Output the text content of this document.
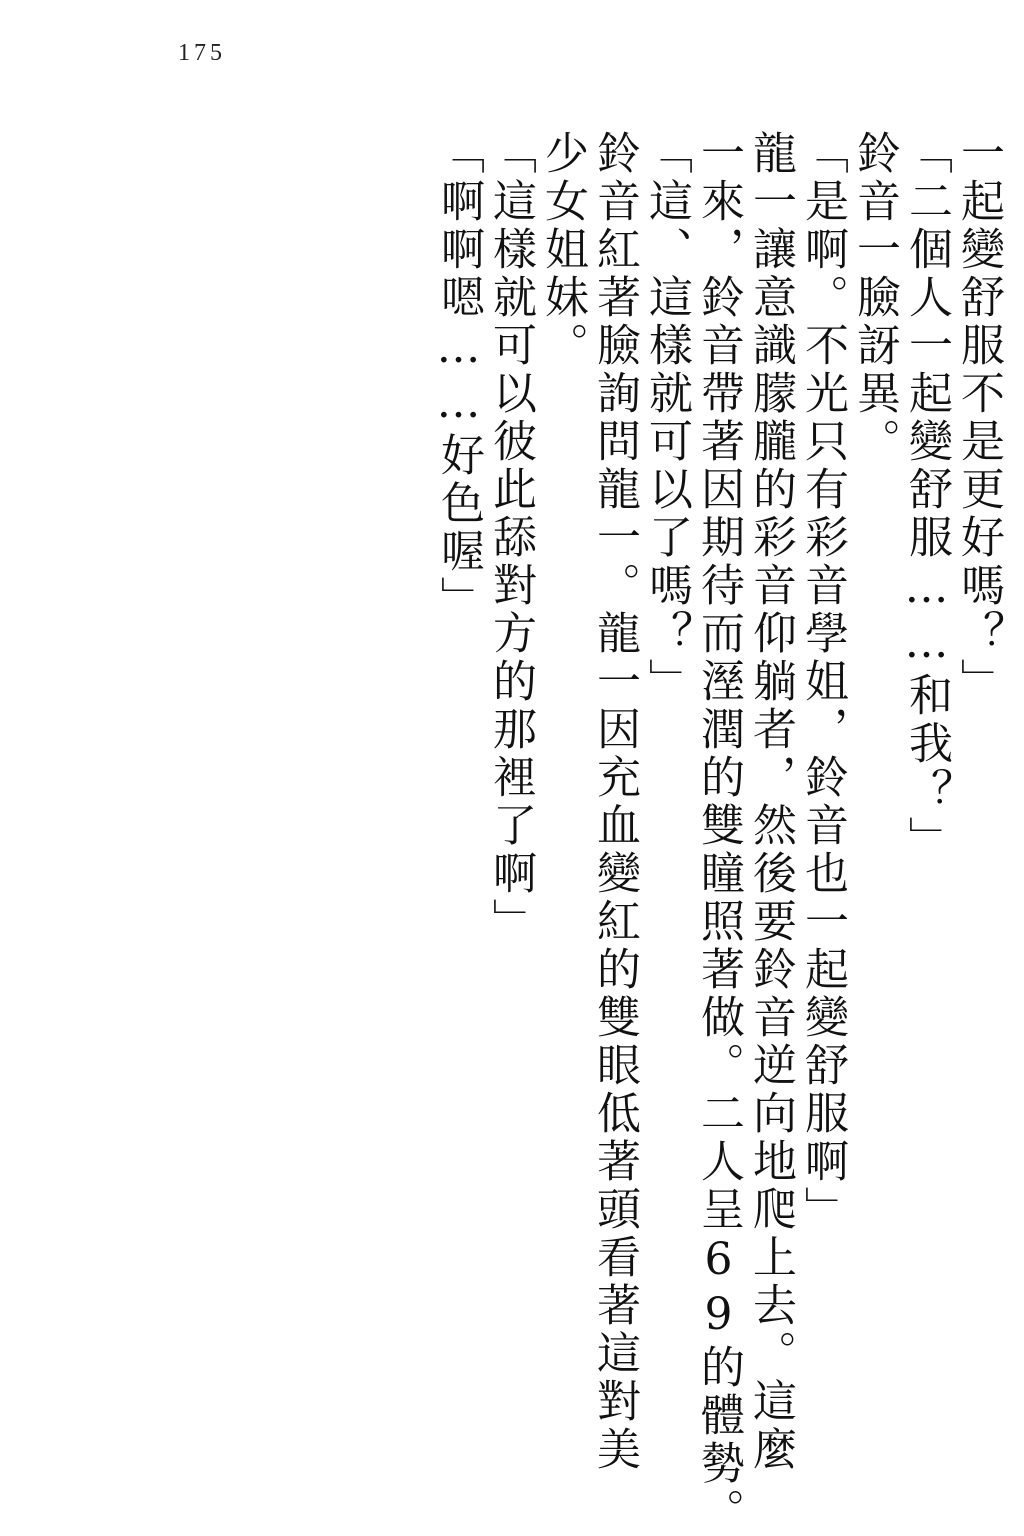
175
一起變舒服不是更好嗎？」
「二個人一起變舒服……和我？」
鈴音一臉訝異。
「是啊。不光只有彩音學姐，鈴音也一起變舒服啊」
龍一讓意識朦朧的彩音仰躺者，然後要鈴音逆向地爬上去。這麼
一來，鈴音帶著因期待而溼潤的雙瞳照著做。二人呈69的體勢。
「這、這樣就可以了嗎？」
鈴音紅著臉詢問龍一。龍一因充血變紅的雙眼低著頭看著這對美
少女姐妹。
「這樣就可以彼此舔對方的那裡了啊」
「啊啊嗯……好色喔」
